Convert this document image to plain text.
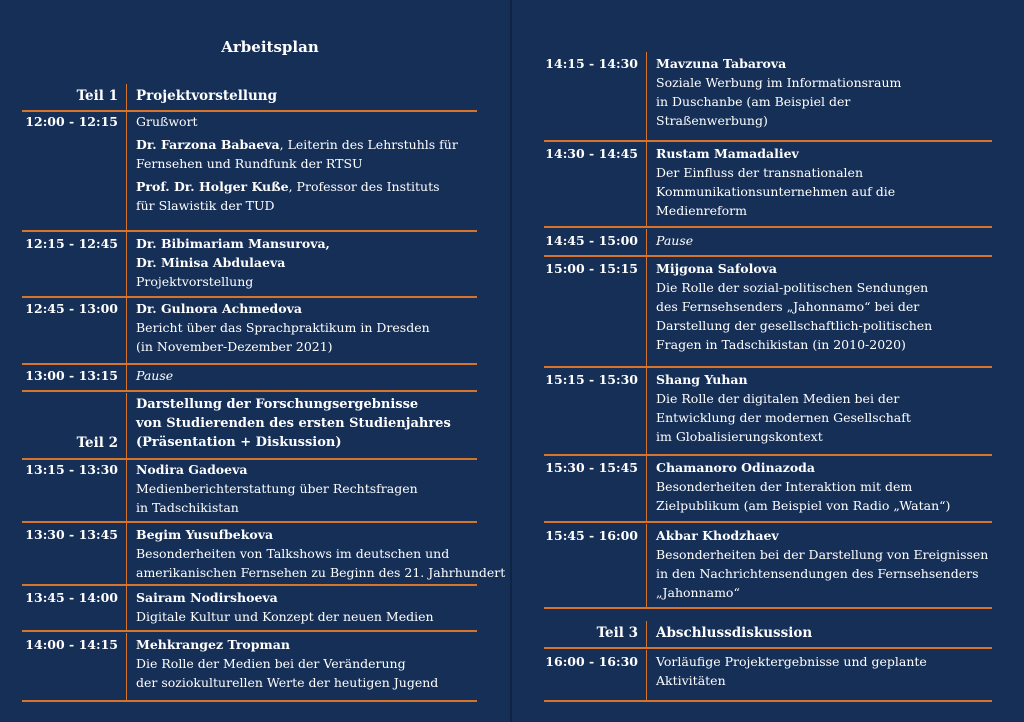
Arbeitsplan
Teil 1 Projektvorstellung
12:00 - 12:15 Grußwort
Dr. Farzona Babaeva, Leiterin des Lehrstuhls für
Fernsehen und Rundfunk der RTSU
Prof. Dr. Holger Kuße, Professor des Instituts
für Slawistik der TUD
12:15 - 12:45 Dr. Bibimariam Mansurova,
Dr. Minisa Abdulaeva
Projektvorstellung
12:45 - 13:00 Dr. Gulnora Achmedova
Bericht über das Sprachpraktikum in Dresden
(in November-Dezember 2021)
13:00 - 13:15 Pause
Teil 2
Darstellung der Forschungsergebnisse
von Studierenden des ersten Studienjahres
(Präsentation + Diskussion)
13:15 - 13:30 Nodira Gadoeva
Medienberichterstattung über Rechtsfragen
in Tadschikistan
13:30 - 13:45 Begim Yusufbekova
Besonderheiten von Talkshows im deutschen und
amerikanischen Fernsehen zu Beginn des 21. Jahrhundert
13:45 - 14:00 Sairam Nodirshoeva
Digitale Kultur und Konzept der neuen Medien
14:00 - 14:15 Mehkrangez Tropman
Die Rolle der Medien bei der Veränderung
der soziokulturellen Werte der heutigen Jugend
14:15 - 14:30 Mavzuna Tabarova
Soziale Werbung im Informationsraum
in Duschanbe (am Beispiel der
Straßenwerbung)
14:30 - 14:45 Rustam Mamadaliev
Der Einfluss der transnationalen
Kommunikationsunternehmen auf die
Medienreform
14:45 - 15:00 Pause
15:00 - 15:15 Mijgona Safolova
Die Rolle der sozial-politischen Sendungen
des Fernsehsenders „Jahonnamo“ bei der
Darstellung der gesellschaftlich-politischen
Fragen in Tadschikistan (in 2010-2020)
15:15 - 15:30 Shang Yuhan
Die Rolle der digitalen Medien bei der
Entwicklung der modernen Gesellschaft
im Globalisierungskontext
15:30 - 15:45 Chamanoro Odinazoda
Besonderheiten der Interaktion mit dem
Zielpublikum (am Beispiel von Radio „Watan“)
15:45 - 16:00 Akbar Khodzhaev
Besonderheiten bei der Darstellung von Ereignissen
in den Nachrichtensendungen des Fernsehsenders
„Jahonnamo“
Teil 3 Abschlussdiskussion
16:00 - 16:30 Vorläufige Projektergebnisse und geplante
Aktivitäten
